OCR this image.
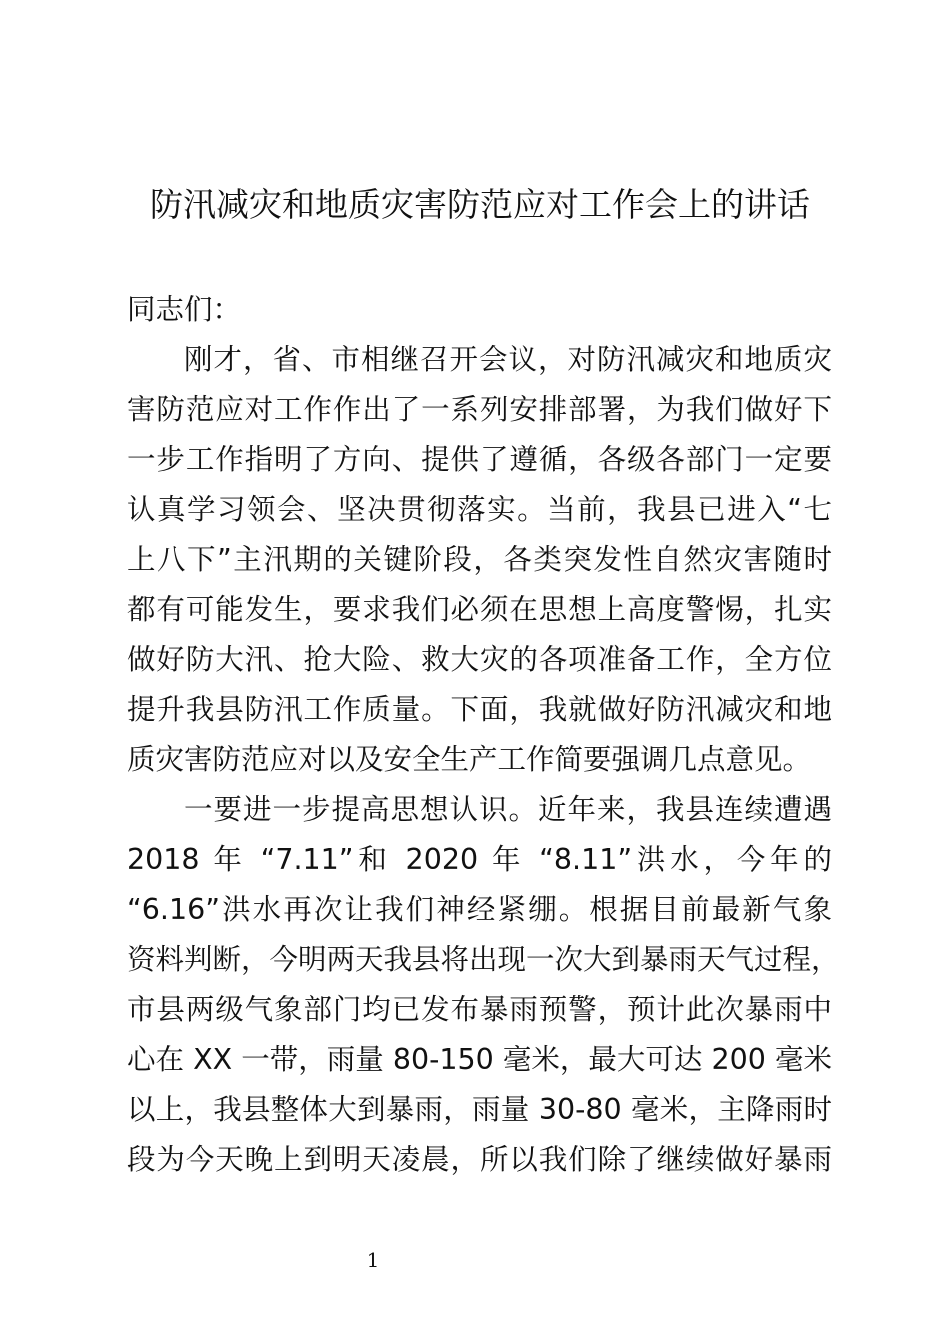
防汛减灾和地质灾害防范应对工作会上的讲话
同志们：
刚才，省、市相继召开会议，对防汛减灾和地质灾
害防范应对工作作出了一系列安排部署，为我们做好下
一步工作指明了方向、提供了遵循，各级各部门一定要
认真学习领会、坚决贯彻落实。当前，我县已进入“七
上八下”主汛期的关键阶段，各类突发性自然灾害随时
都有可能发生，要求我们必须在思想上高度警惕，扎实
做好防大汛、抢大险、救大灾的各项准备工作，全方位
提升我县防汛工作质量。下面，我就做好防汛减灾和地
质灾害防范应对以及安全生产工作简要强调几点意见。
一要进一步提高思想认识。近年来，我县连续遭遇
2018 年 “7.11”和 2020 年 “8.11”洪水，今年的
“6.16”洪水再次让我们神经紧绷。根据目前最新气象
资料判断，今明两天我县将出现一次大到暴雨天气过程，
市县两级气象部门均已发布暴雨预警，预计此次暴雨中
心在 XX 一带，雨量 80-150 毫米，最大可达 200 毫米
以上，我县整体大到暴雨，雨量 30-80 毫米，主降雨时
段为今天晚上到明天凌晨，所以我们除了继续做好暴雨
1
